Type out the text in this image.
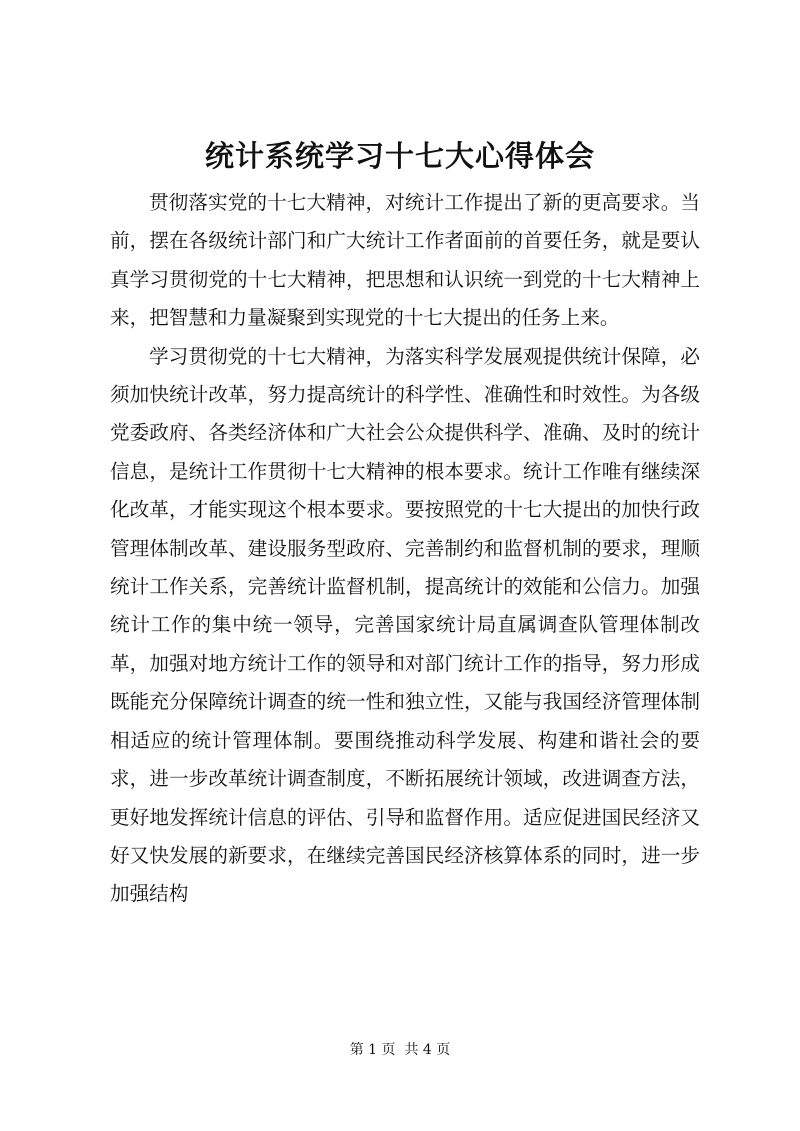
统计系统学习十七大心得体会

贯彻落实党的十七大精神，对统计工作提出了新的更高要求。当前，摆在各级统计部门和广大统计工作者面前的首要任务，就是要认真学习贯彻党的十七大精神，把思想和认识统一到党的十七大精神上来，把智慧和力量凝聚到实现党的十七大提出的任务上来。

学习贯彻党的十七大精神，为落实科学发展观提供统计保障，必须加快统计改革，努力提高统计的科学性、准确性和时效性。为各级党委政府、各类经济体和广大社会公众提供科学、准确、及时的统计信息，是统计工作贯彻十七大精神的根本要求。统计工作唯有继续深化改革，才能实现这个根本要求。要按照党的十七大提出的加快行政管理体制改革、建设服务型政府、完善制约和监督机制的要求，理顺统计工作关系，完善统计监督机制，提高统计的效能和公信力。加强统计工作的集中统一领导，完善国家统计局直属调查队管理体制改革，加强对地方统计工作的领导和对部门统计工作的指导，努力形成既能充分保障统计调查的统一性和独立性，又能与我国经济管理体制相适应的统计管理体制。要围绕推动科学发展、构建和谐社会的要求，进一步改革统计调查制度，不断拓展统计领域，改进调查方法，更好地发挥统计信息的评估、引导和监督作用。适应促进国民经济又好又快发展的新要求，在继续完善国民经济核算体系的同时，进一步加强结构

第 1 页  共 4 页
